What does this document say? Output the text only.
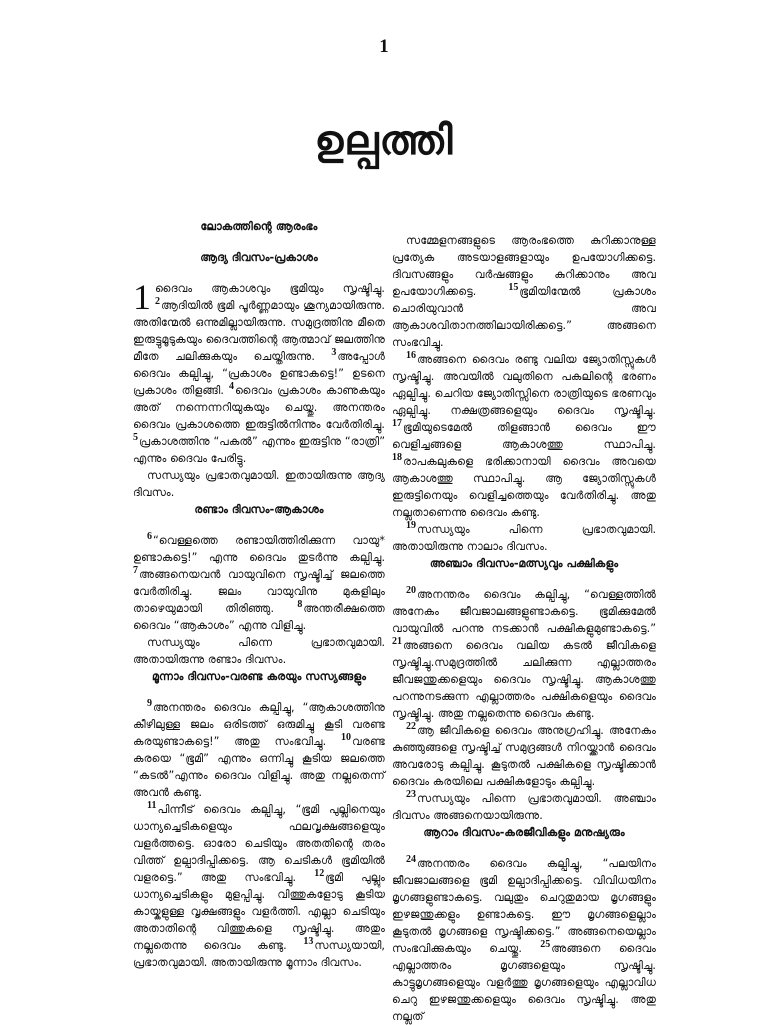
1
ഉല്പത്തി
ലോകത്തിന്റെ ആരംഭം
ആദ്യ ദിവസം-പ്രകാശം

1 ദൈവം ആകാശവും ഭൂമിയും സൃഷ്ടിച്ചു. 2ആദിയിൽ ഭൂമി പൂർണ്ണമായും ശൂന്യമായിരുന്നു. അതിന്മേൽ ഒന്നുമില്ലായിരുന്നു. സമുദ്രത്തിനു മീതെ ഇരുട്ടുമൂടുകയും ദൈവത്തിന്റെ ആത്മാവ് ജലത്തിനു മീതേ ചലിക്കുകയും ചെയ്തിരുന്നു. 3അപ്പോൾ ദൈവം കല്പിച്ചു, “പ്രകാശം ഉണ്ടാകട്ടെ!” ഉടനെ പ്രകാശം തിളങ്ങി. 4ദൈവം പ്രകാശം കാണുകയും അത് നന്നെന്നറിയുകയും ചെയ്തു. അനന്തരം ദൈവം പ്രകാശത്തെ ഇരുട്ടിൽനിന്നും വേർതിരിച്ചു. 5പ്രകാശത്തിനു “പകൽ” എന്നും ഇരുട്ടിനു “രാത്രി” എന്നും ദൈവം പേരിട്ടു.

സന്ധ്യയും പ്രഭാതവുമായി. ഇതായിരുന്നു ആദ്യ ദിവസം.

രണ്ടാം ദിവസം-ആകാശം

6“വെള്ളത്തെ രണ്ടായിത്തിരിക്കുന്ന വായു* ഉണ്ടാകട്ടെ!” എന്നു ദൈവം തുടർന്നു കല്പിച്ചു. 7അങ്ങനെയവൻ വായുവിനെ സൃഷ്ടിച്ച് ജലത്തെ വേർതിരിച്ചു. ജലം വായുവിനു മുകളിലും താഴെയുമായി തിരിഞ്ഞു. 8അന്തരീക്ഷത്തെ ദൈവം “ആകാശം” എന്നു വിളിച്ചു.

സന്ധ്യയും പിന്നെ പ്രഭാതവുമായി. അതായിരുന്നു രണ്ടാം ദിവസം.

മൂന്നാം ദിവസം-വരണ്ട കരയും സസ്യങ്ങളും

9അനന്തരം ദൈവം കല്പിച്ചു, “ആകാശത്തിനു കീഴിലുള്ള ജലം ഒരിടത്ത് ഒരുമിച്ചു കൂടി വരണ്ട കരയുണ്ടാകട്ടെ!” അതു സംഭവിച്ചു. 10വരണ്ട കരയെ “ഭൂമി” എന്നും ഒന്നിച്ചു കൂടിയ ജലത്തെ “കടൽ”എന്നും ദൈവം വിളിച്ചു. അതു നല്ലതെന്ന് അവൻ കണ്ടു.

11പിന്നീട് ദൈവം കല്പിച്ചു, “ഭൂമി പുല്ലിനെയും ധാന്യച്ചെടികളെയും ഫലവൃക്ഷങ്ങളെയും വളർത്തട്ടെ. ഓരോ ചെടിയും അതതിന്റെ തരം വിത്ത് ഉല്പാദിപ്പിക്കട്ടെ. ആ ചെടികൾ ഭൂമിയിൽ വളരട്ടെ.” അതു സംഭവിച്ചു. 12ഭൂമി പുല്ലും ധാന്യച്ചെടികളും മുളപ്പിച്ചു. വിത്തുകളോടു കൂടിയ കായ്കളുള്ള വൃക്ഷങ്ങളും വളർത്തി. എല്ലാ ചെടിയും അതാതിന്റെ വിത്തുകളെ സൃഷ്ടിച്ചു. അതും നല്ലതെന്നു ദൈവം കണ്ടു. 13സന്ധ്യയായി, പ്രഭാതവുമായി. അതായിരുന്നു മൂന്നാം ദിവസം.

സമ്മേളനങ്ങളുടെ ആരംഭത്തെ കുറിക്കാനുള്ള പ്രത്യേക അടയാളങ്ങളായും ഉപയോഗിക്കട്ടെ. ദിവസങ്ങളും വർഷങ്ങളും കുറിക്കാനും അവ ഉപയോഗിക്കട്ടെ. 15ഭൂമിയിന്മേൽ പ്രകാശം ചൊരിയുവാൻ അവ ആകാശവിതാനത്തിലായിരിക്കട്ടെ.” അങ്ങനെ സംഭവിച്ചു.

16അങ്ങനെ ദൈവം രണ്ടു വലിയ ജ്യോതിസ്സുകൾ സൃഷ്ടിച്ചു. അവയിൽ വലുതിനെ പകലിന്റെ ഭരണം ഏല്പിച്ചു. ചെറിയ ജ്യോതിസ്സിനെ രാത്രിയുടെ ഭരണവും ഏല്പിച്ചു. നക്ഷത്രങ്ങളെയും ദൈവം സൃഷ്ടിച്ചു. 17ഭൂമിയുടെമേൽ തിളങ്ങാൻ ദൈവം ഈ വെളിച്ചങ്ങളെ ആകാശത്തു സ്ഥാപിച്ചു. 18രാപകലുകളെ ഭരിക്കാനായി ദൈവം അവയെ ആകാശത്തു സ്ഥാപിച്ചു. ആ ജ്യോതിസ്സുകൾ ഇരുട്ടിനെയും വെളിച്ചത്തെയും വേർതിരിച്ചു. അതു നല്ലതാണെന്നു ദൈവം കണ്ടു.

19സന്ധ്യയും പിന്നെ പ്രഭാതവുമായി. അതായിരുന്നു നാലാം ദിവസം.

അഞ്ചാം ദിവസം-മത്സ്യവും പക്ഷികളും

20അനന്തരം ദൈവം കല്പിച്ചു, “വെള്ളത്തിൽ അനേകം ജീവജാലങ്ങളുണ്ടാകട്ടെ. ഭൂമിക്കുമേൽ വായുവിൽ പറന്നു നടക്കാൻ പക്ഷികളുമുണ്ടാകട്ടെ.” 21അങ്ങനെ ദൈവം വലിയ കടൽ ജീവികളെ സൃഷ്ടിച്ചു.സമുദ്രത്തിൽ ചലിക്കുന്ന എല്ലാത്തരം ജീവജന്തുക്കളെയും ദൈവം സൃഷ്ടിച്ചു. ആകാശത്തു പറന്നുനടക്കുന്ന എല്ലാത്തരം പക്ഷികളെയും ദൈവം സൃഷ്ടിച്ചു. അതു നല്ലതെന്നു ദൈവം കണ്ടു.

22ആ ജീവികളെ ദൈവം അനുഗ്രഹിച്ചു. അനേകം കുഞ്ഞുങ്ങളെ സൃഷ്ടിച്ച് സമുദ്രങ്ങൾ നിറയ്ക്കാൻ ദൈവം അവരോടു കല്പിച്ചു. കൂടുതൽ പക്ഷികളെ സൃഷ്ടിക്കാൻ ദൈവം കരയിലെ പക്ഷികളോടും കല്പിച്ചു.

23സന്ധ്യയും പിന്നെ പ്രഭാതവുമായി. അഞ്ചാം ദിവസം അങ്ങനെയായിരുന്നു.

ആറാം ദിവസം-കരജീവികളും മനുഷ്യരും

24അനന്തരം ദൈവം കല്പിച്ചു, “പലയിനം ജീവജാലങ്ങളെ ഭൂമി ഉല്പാദിപ്പിക്കട്ടെ. വിവിധയിനം മൃഗങ്ങളുണ്ടാകട്ടെ. വലുതും ചെറുതുമായ മൃഗങ്ങളും ഇഴജന്തുക്കളും ഉണ്ടാകട്ടെ. ഈ മൃഗങ്ങളെല്ലാം കൂടുതൽ മൃഗങ്ങളെ സൃഷ്ടിക്കട്ടെ.” അങ്ങനെയെല്ലാം സംഭവിക്കുകയും ചെയ്തു. 25അങ്ങനെ ദൈവം എല്ലാത്തരം മൃഗങ്ങളെയും സൃഷ്ടിച്ചു. കാട്ടുമൃഗങ്ങളെയും വളർത്തു മൃഗങ്ങളെയും എല്ലാവിധ ചെറു ഇഴജന്തുക്കളെയും ദൈവം സൃഷ്ടിച്ചു. അതു നല്ലത്
